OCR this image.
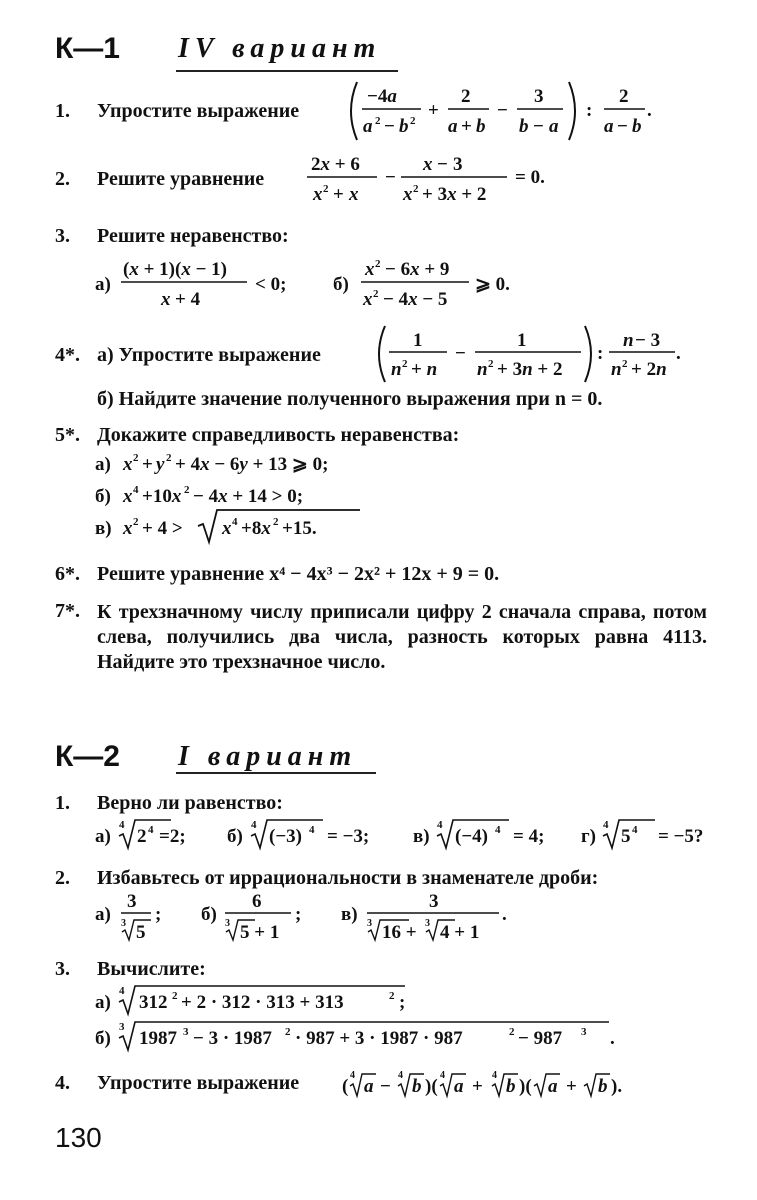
К—1 IV вариант
1. Упростите выражение
−4a
a 2 − b 2 +
2
a + b
−
3
b − a
:
2
a − b
.
2. Решите уравнение
2x + 6
x 2 + x
−
x − 3
x 2 + 3x + 2
= 0.
3. Решите неравенство:
а)
(x + 1)(x − 1)
x + 4
< 0; б)
x 2 − 6x + 9
x 2 − 4x − 5
⩾ 0.
4*. а) Упростите выражение
1
n 2 + n
−
1
n 2 + 3n + 2
:
n − 3
n 2 + 2n
.
б) Найдите значение полученного выражения при n = 0.
5*. Докажите справедливость неравенства:
а) x 2 + y 2 + 4x − 6y + 13 ⩾ 0;
б) x 4 +10x 2 − 4x + 14 > 0;
в) x 2 + 4 > x 4 +8x 2 +15.
6*. Решите уравнение x⁴ − 4x³ − 2x² + 12x + 9 = 0.
7*. К трехзначному числу приписали цифру 2 сначала справа, потом слева, получились два числа, разность которых равна 4113. Найдите это трехзначное число.
К—2 I вариант
1. Верно ли равенство:
а)
4
2 4 =2; б)
4
(−3) 4 = −3; в)
4
(−4) 4 = 4; г)
4
5 4 = −5?
2. Избавьтесь от иррациональности в знаменателе дроби:
а)
3
3 5
; б)
6
3 5 + 1
; в)
3
3 16 + 3 4 + 1
.
3. Вычислите:
а)
4
312 2 + 2 · 312 · 313 + 313	2 ;
б)
3
1987 3 − 3 · 1987 2 · 987 + 3 · 1987 · 987	2 − 987 3 .
4. Упростите выражение (
4
a −
4
b )(
4
a +
4
b )( a + b ).
130
